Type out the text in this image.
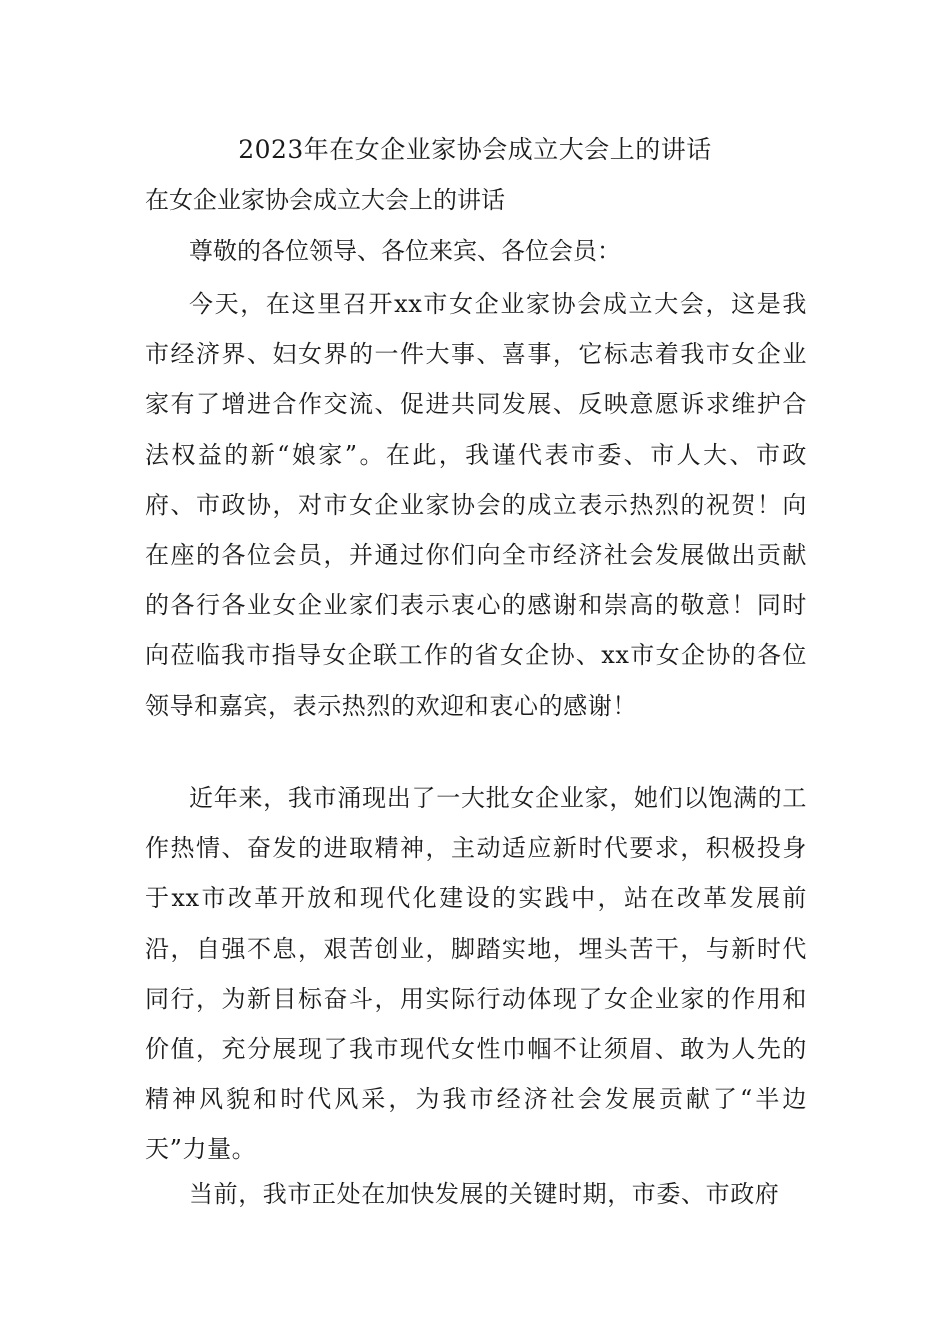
2023年在女企业家协会成立大会上的讲话

在女企业家协会成立大会上的讲话

尊敬的各位领导、各位来宾、各位会员：

今天，在这里召开xx市女企业家协会成立大会，这是我市经济界、妇女界的一件大事、喜事，它标志着我市女企业家有了增进合作交流、促进共同发展、反映意愿诉求维护合法权益的新“娘家”。在此，我谨代表市委、市人大、市政府、市政协，对市女企业家协会的成立表示热烈的祝贺！向在座的各位会员，并通过你们向全市经济社会发展做出贡献的各行各业女企业家们表示衷心的感谢和崇高的敬意！同时向莅临我市指导女企联工作的省女企协、xx市女企协的各位领导和嘉宾，表示热烈的欢迎和衷心的感谢！

近年来，我市涌现出了一大批女企业家，她们以饱满的工作热情、奋发的进取精神，主动适应新时代要求，积极投身于xx市改革开放和现代化建设的实践中，站在改革发展前沿，自强不息，艰苦创业，脚踏实地，埋头苦干，与新时代同行，为新目标奋斗，用实际行动体现了女企业家的作用和价值，充分展现了我市现代女性巾帼不让须眉、敢为人先的精神风貌和时代风采，为我市经济社会发展贡献了“半边天”力量。

当前，我市正处在加快发展的关键时期，市委、市政府
